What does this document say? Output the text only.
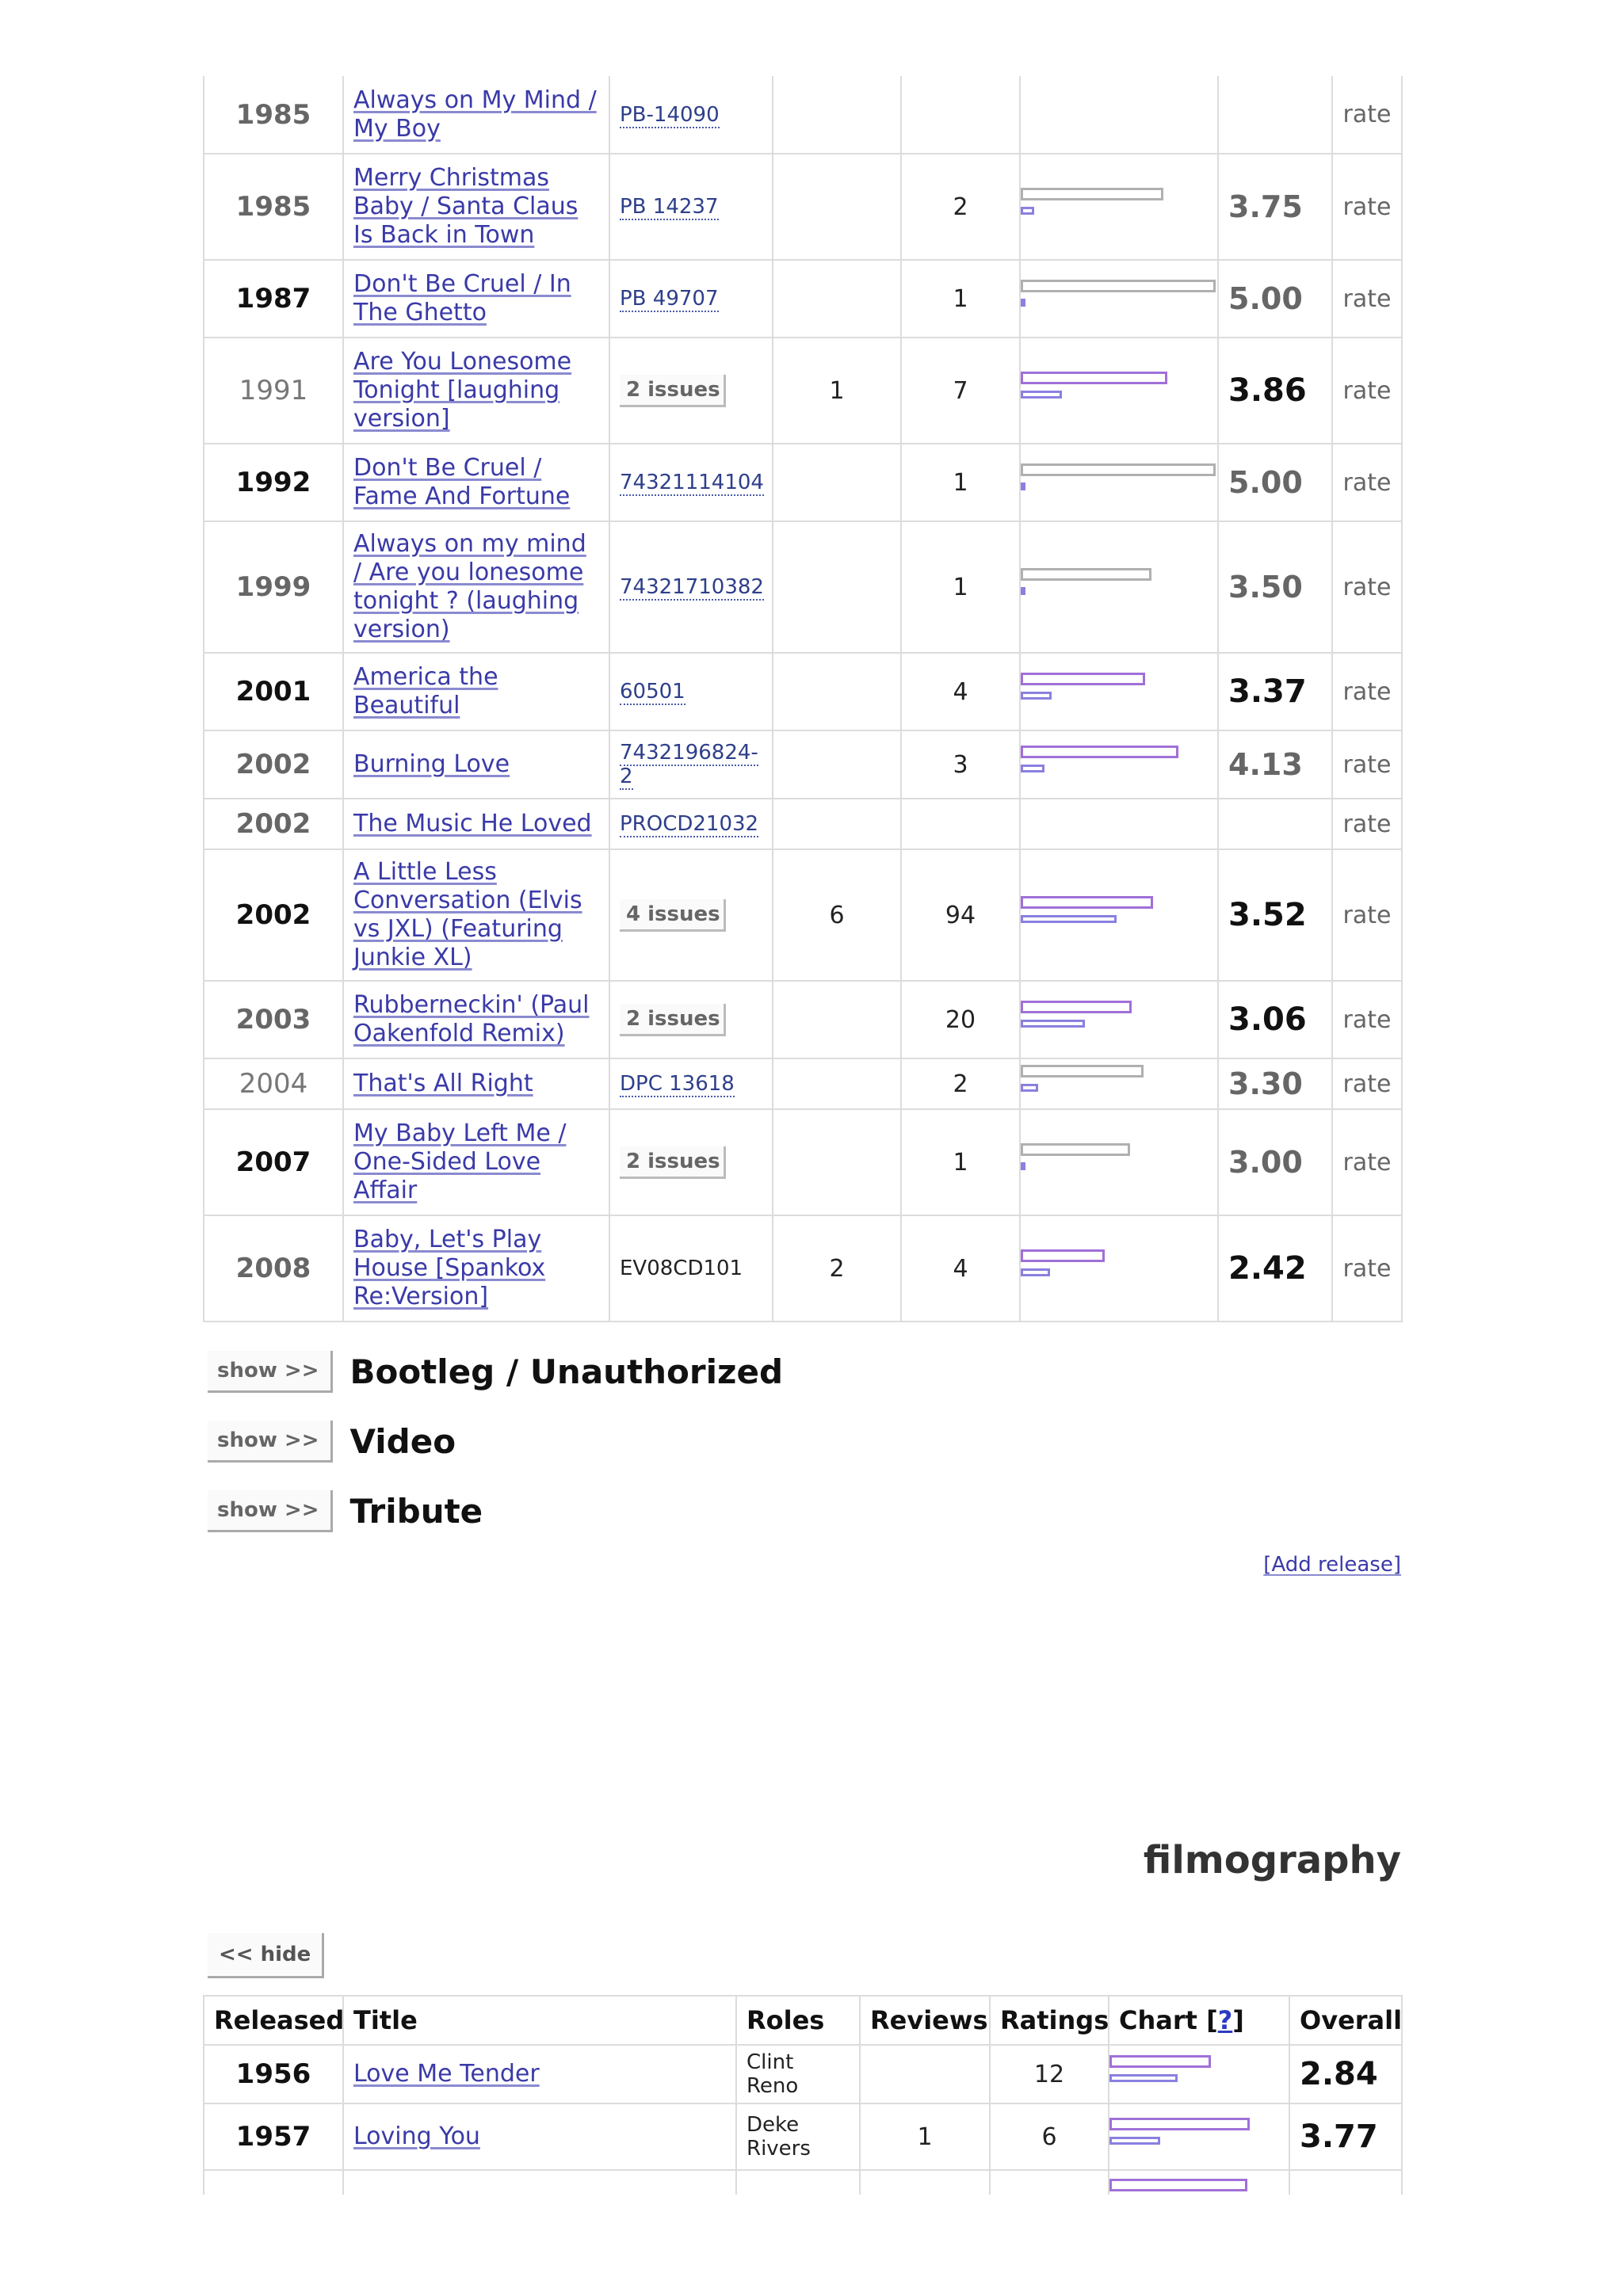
1985	Always on My Mind / My Boy	PB-14090					rate
1985	Merry Christmas Baby / Santa Claus Is Back in Town	PB 14237		2		3.75	rate
1987	Don't Be Cruel / In The Ghetto	PB 49707		1		5.00	rate
1991	Are You Lonesome Tonight [laughing version]	2 issues	1	7		3.86	rate
1992	Don't Be Cruel / Fame And Fortune	74321114104		1		5.00	rate
1999	Always on my mind / Are you lonesome tonight ? (laughing version)	74321710382		1		3.50	rate
2001	America the Beautiful	60501		4		3.37	rate
2002	Burning Love	7432196824-2		3		4.13	rate
2002	The Music He Loved	PROCD21032					rate
2002	A Little Less Conversation (Elvis vs JXL) (Featuring Junkie XL)	4 issues	6	94		3.52	rate
2003	Rubberneckin' (Paul Oakenfold Remix)	2 issues		20		3.06	rate
2004	That's All Right	DPC 13618		2		3.30	rate
2007	My Baby Left Me / One-Sided Love Affair	2 issues		1		3.00	rate
2008	Baby, Let's Play House [Spankox Re:Version]	EV08CD101	2	4		2.42	rate
show >> Bootleg / Unauthorized
show >> Video
show >> Tribute
[Add release]
filmography
<< hide
Released	Title	Roles	Reviews	Ratings	Chart [?]	Overall
1956	Love Me Tender	Clint Reno		12		2.84
1957	Loving You	Deke Rivers	1	6		3.77
